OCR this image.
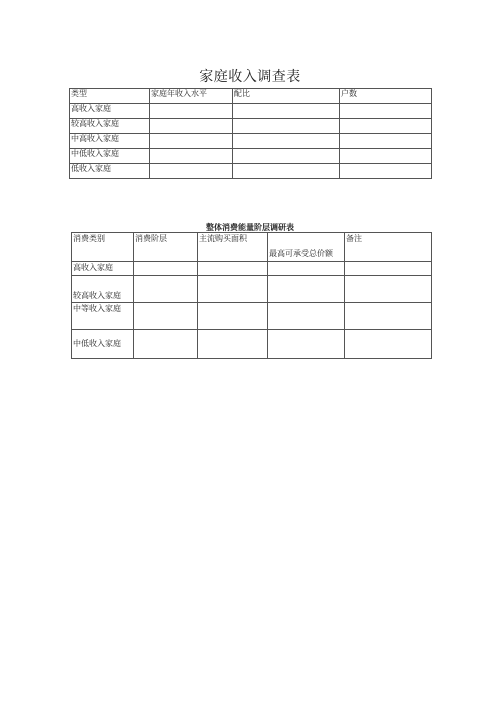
家庭收入调查表
类型	家庭年收入水平	配比	户数
高收入家庭			
较高收入家庭			
中高收入家庭			
中低收入家庭			
低收入家庭			
整体消费能量阶层调研表
消费类别	消费阶层	主流购买面积	最高可承受总价额	备注
高收入家庭				
较高收入家庭				
中等收入家庭				
中低收入家庭				
